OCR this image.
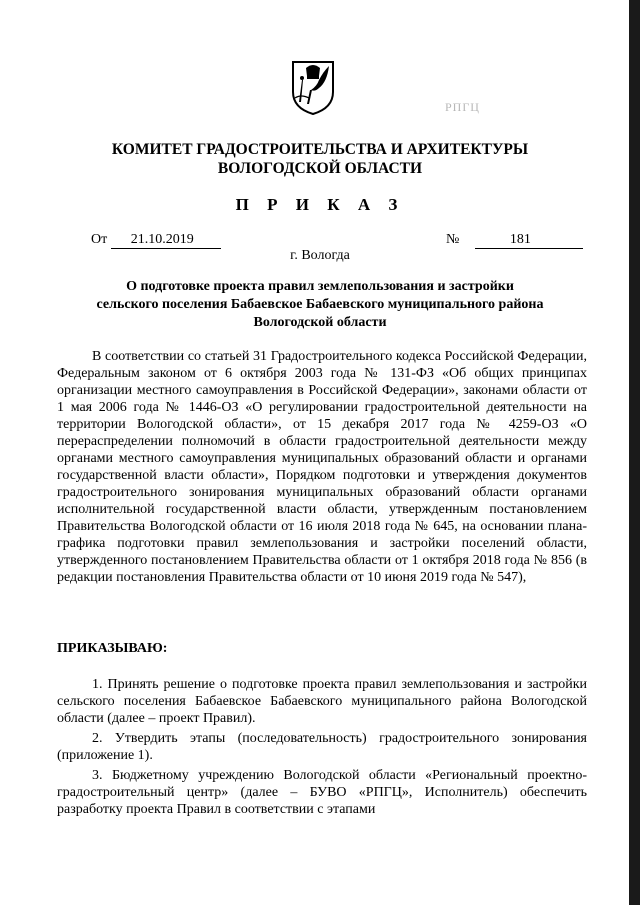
РПГЦ
КОМИТЕТ ГРАДОСТРОИТЕЛЬСТВА И АРХИТЕКТУРЫ
ВОЛОГОДСКОЙ ОБЛАСТИ
П Р И К А З
От 21.10.2019	№	181
г. Вологда
О подготовке проекта правил землепользования и застройки
сельского поселения Бабаевское Бабаевского муниципального района
Вологодской области

В соответствии со статьей 31 Градостроительного кодекса Российской Федерации, Федеральным законом от 6 октября 2003 года № 131-ФЗ «Об общих принципах организации местного самоуправления в Российской Федерации», законами области от 1 мая 2006 года № 1446-ОЗ «О регулировании градостроительной деятельности на территории Вологодской области», от 15 декабря 2017 года № 4259-ОЗ «О перераспределении полномочий в области градостроительной деятельности между органами местного самоуправления муниципальных образований области и органами государственной власти области», Порядком подготовки и утверждения документов градостроительного зонирования муниципальных образований области органами исполнительной государственной власти области, утвержденным постановлением Правительства Вологодской области от 16 июля 2018 года № 645, на основании плана-графика подготовки правил землепользования и застройки поселений области, утвержденного постановлением Правительства области от 1 октября 2018 года № 856 (в редакции постановления Правительства области от 10 июня 2019 года № 547),

ПРИКАЗЫВАЮ:

1. Принять решение о подготовке проекта правил землепользования и застройки сельского поселения Бабаевское Бабаевского муниципального района Вологодской области (далее – проект Правил).

2. Утвердить этапы (последовательность) градостроительного зонирования (приложение 1).

3. Бюджетному учреждению Вологодской области «Региональный проектно-градостроительный центр» (далее – БУВО «РПГЦ», Исполнитель) обеспечить разработку проекта Правил в соответствии с этапами
